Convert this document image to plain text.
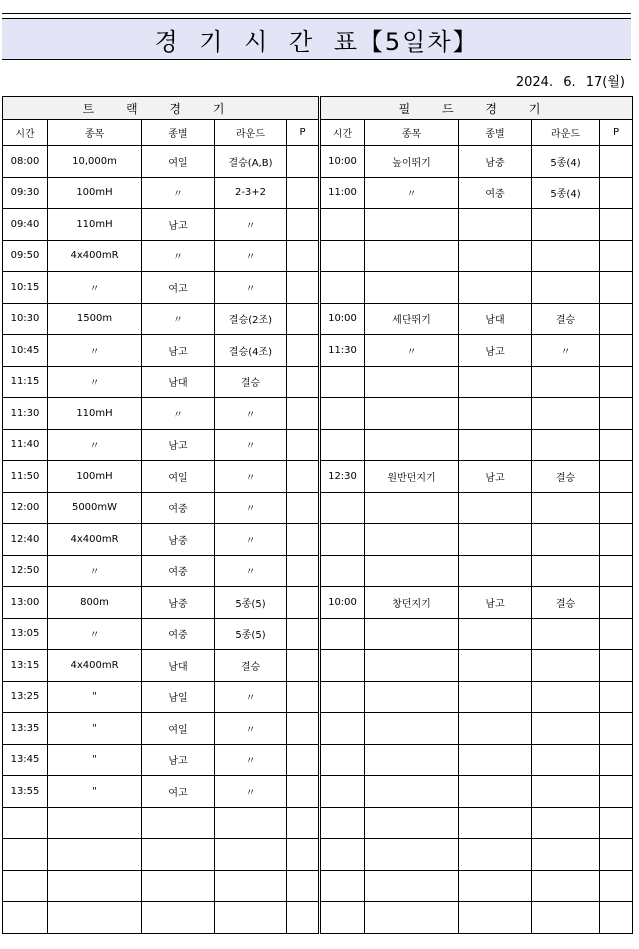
경 기 시 간 표【5일차】
2024. 6. 17(월)
트 랙 경 기					필 드 경 기				
시간	종목	종별	라운드	P	시간	종목	종별	라운드	P
08:00	10,000m	여일	결승(A,B)		10:00	높이뛰기	남중	5종(4)	
09:30	100mH	〃	2-3+2		11:00	〃	여중	5종(4)	
09:40	110mH	남고	〃						
09:50	4x400mR	〃	〃						
10:15	〃	여고	〃						
10:30	1500m	〃	결승(2조)		10:00	세단뛰기	남대	결승	
10:45	〃	남고	결승(4조)		11:30	〃	남고	〃	
11:15	〃	남대	결승						
11:30	110mH	〃	〃						
11:40	〃	남고	〃						
11:50	100mH	여일	〃		12:30	원반던지기	남고	결승	
12:00	5000mW	여중	〃						
12:40	4x400mR	남중	〃						
12:50	〃	여중	〃						
13:00	800m	남중	5종(5)		10:00	창던지기	남고	결승	
13:05	〃	여중	5종(5)						
13:15	4x400mR	남대	결승						
13:25	"	남일	〃						
13:35	"	여일	〃						
13:45	"	남고	〃						
13:55	"	여고	〃						
